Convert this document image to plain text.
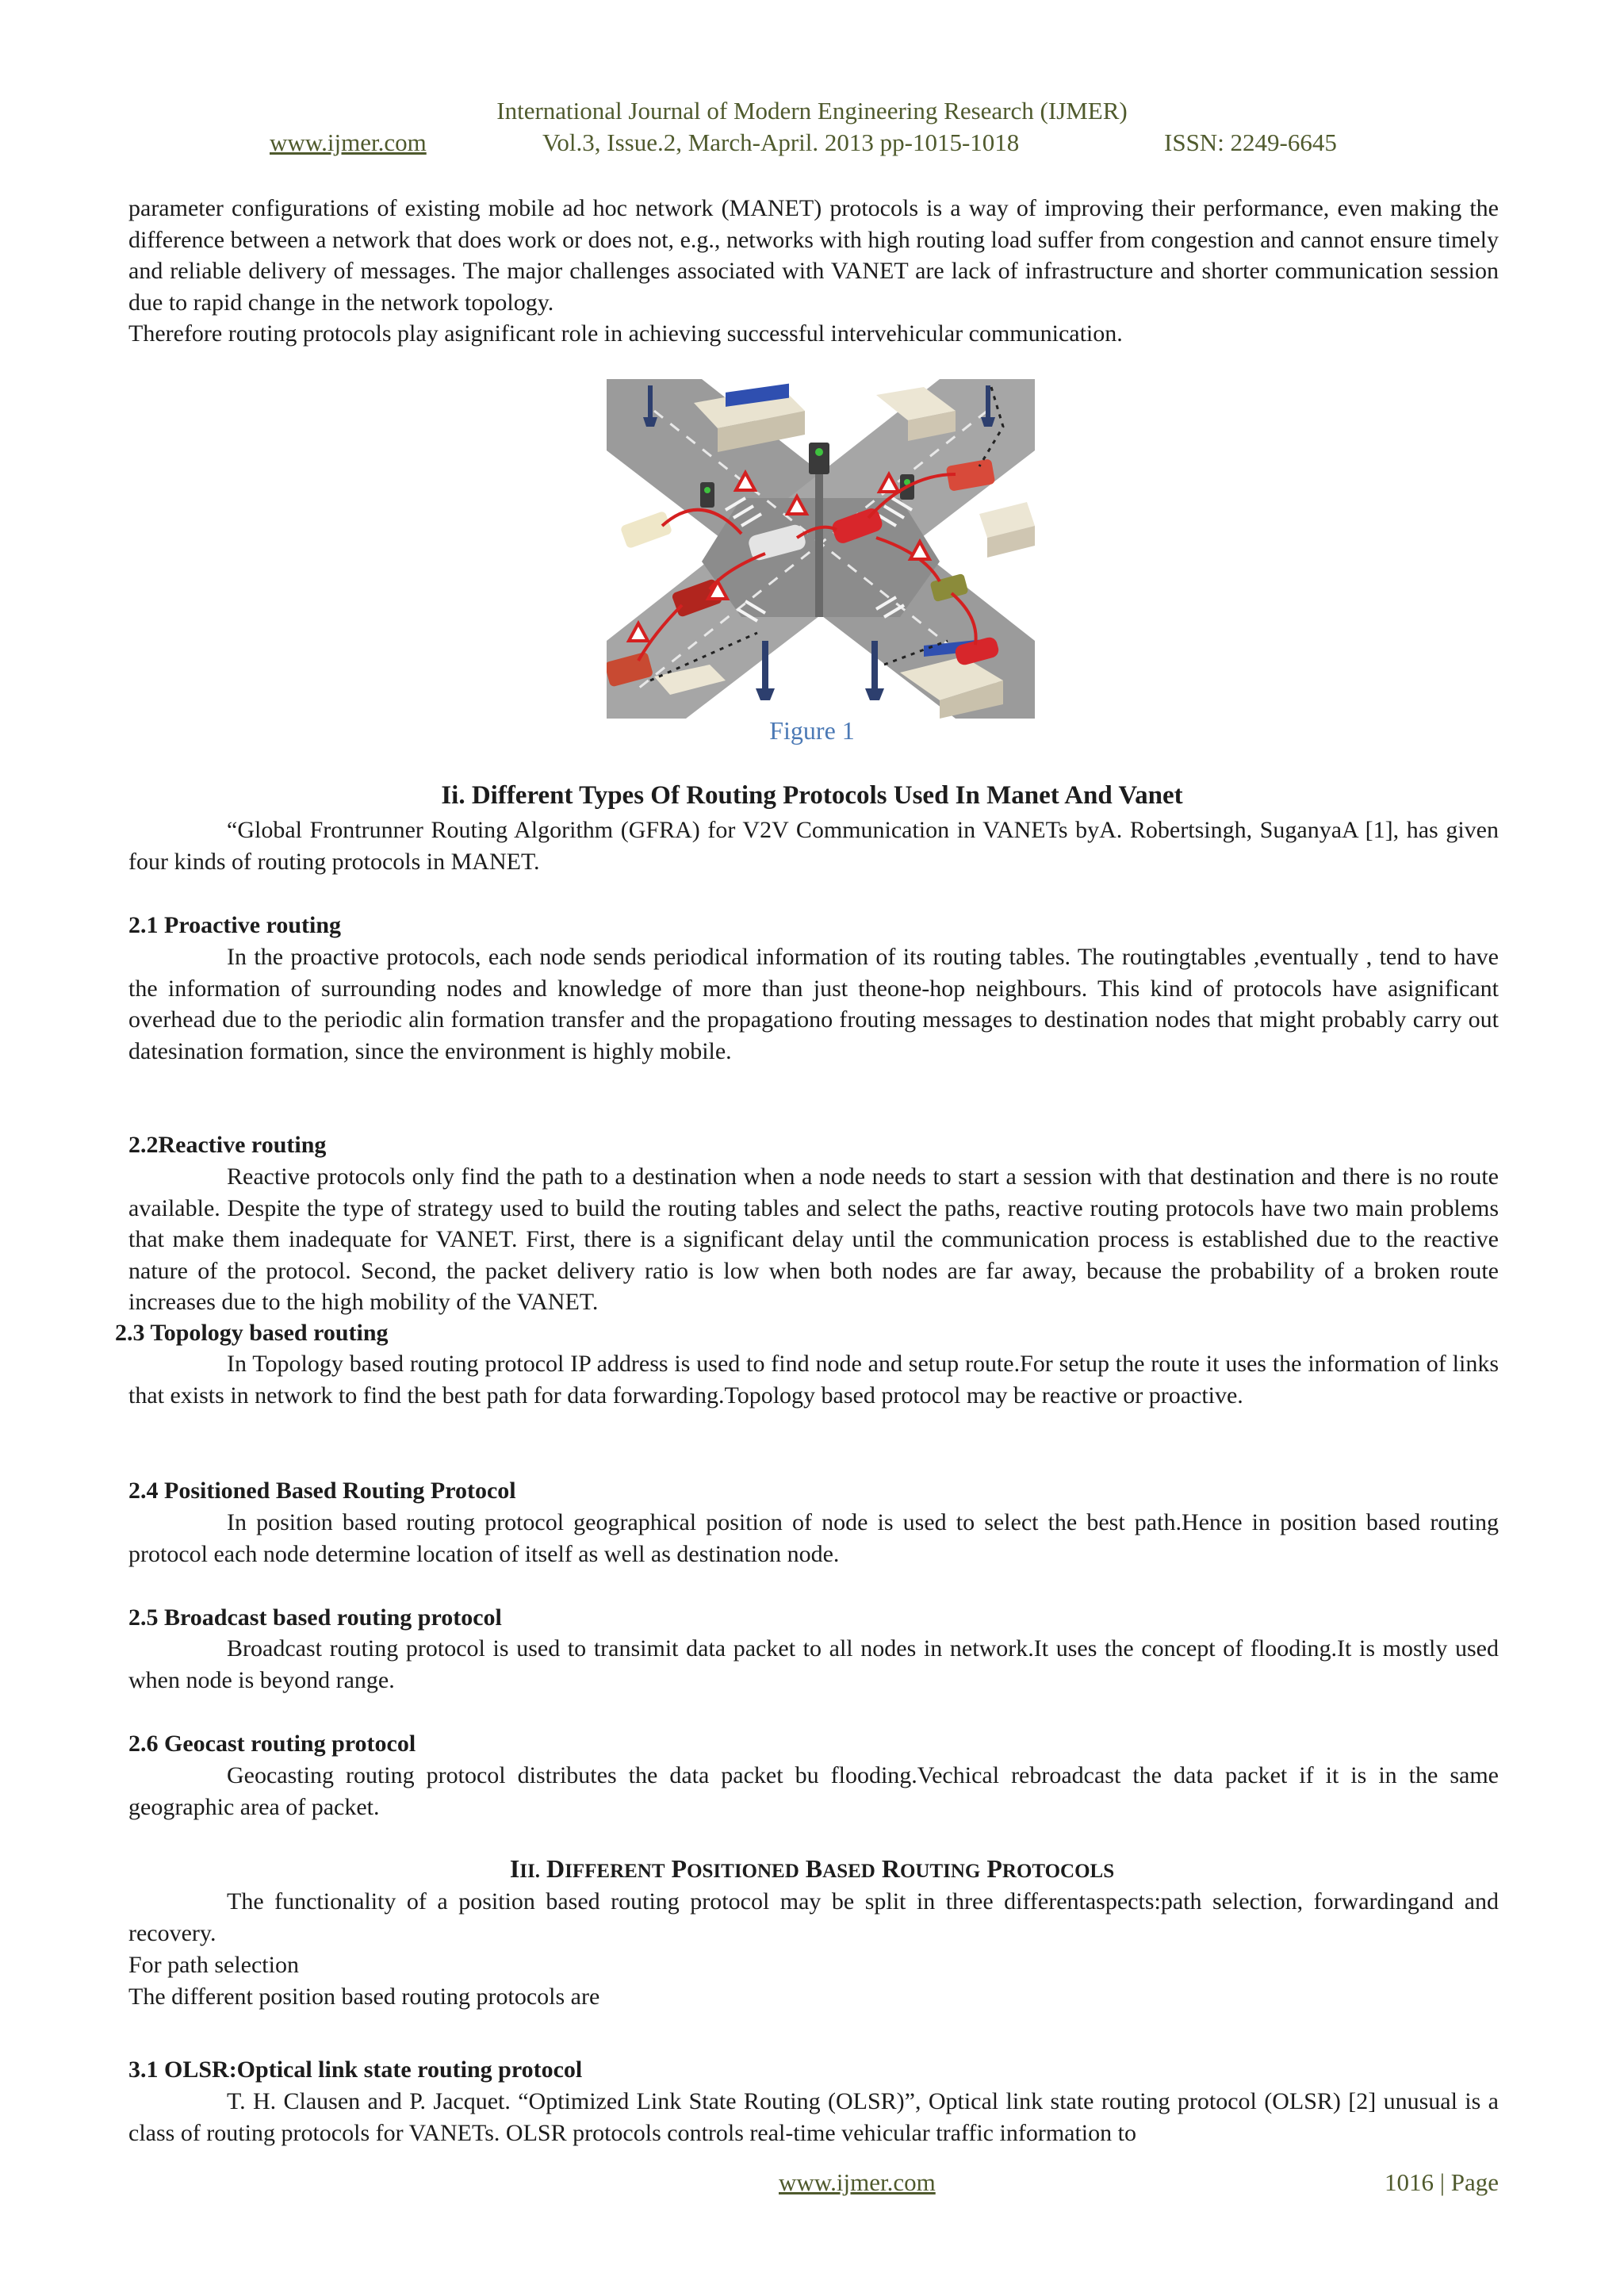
International Journal of Modern Engineering Research (IJMER)
www.ijmer.com	Vol.3, Issue.2, March-April. 2013 pp-1015-1018	ISSN: 2249-6645
parameter configurations of existing mobile ad hoc network (MANET) protocols is a way of improving their performance, even making the difference between a network that does work or does not, e.g., networks with high routing load suffer from congestion and cannot ensure timely and reliable delivery of messages. The major challenges associated with VANET are lack of infrastructure and shorter communication session due to rapid change in the network topology.
Therefore routing protocols play asignificant role in achieving successful intervehicular communication.
Figure 1
Ii. Different Types Of Routing Protocols Used In Manet And Vanet
“Global Frontrunner Routing Algorithm (GFRA) for V2V Communication in VANETs byA. Robertsingh, SuganyaA [1], has given four kinds of routing protocols in MANET.
2.1 Proactive routing
In the proactive protocols, each node sends periodical information of its routing tables. The routingtables ,eventually , tend to have the information of surrounding nodes and knowledge of more than just theone-hop neighbours. This kind of protocols have asignificant overhead due to the periodic alin formation transfer and the propagationo frouting messages to destination nodes that might probably carry out datesination formation, since the environment is highly mobile.
2.2Reactive routing
Reactive protocols only find the path to a destination when a node needs to start a session with that destination and there is no route available. Despite the type of strategy used to build the routing tables and select the paths, reactive routing protocols have two main problems that make them inadequate for VANET. First, there is a significant delay until the communication process is established due to the reactive nature of the protocol. Second, the packet delivery ratio is low when both nodes are far away, because the probability of a broken route increases due to the high mobility of the VANET.
2.3 Topology based routing
In Topology based routing protocol IP address is used to find node and setup route.For setup the route it uses the information of links that exists in network to find the best path for data forwarding.Topology based protocol may be reactive or proactive.
2.4 Positioned Based Routing Protocol
In position based routing protocol geographical position of node is used to select the best path.Hence in position based routing protocol each node determine location of itself as well as destination node.
2.5 Broadcast based routing protocol
Broadcast routing protocol is used to transimit data packet to all nodes in network.It uses the concept of flooding.It is mostly used when node is beyond range.
2.6 Geocast routing protocol
Geocasting routing protocol distributes the data packet bu flooding.Vechical rebroadcast the data packet if it is in the same geographic area of packet.
III. DIFFERENT POSITIONED BASED ROUTING PROTOCOLS
The functionality of a position based routing protocol may be split in three differentaspects:path selection, forwardingand and recovery.
For path selection
The different position based routing protocols are
3.1 OLSR:Optical link state routing protocol
T. H. Clausen and P. Jacquet. “Optimized Link State Routing (OLSR)”, Optical link state routing protocol (OLSR) [2] unusual is a class of routing protocols for VANETs. OLSR protocols controls real-time vehicular traffic information to
www.ijmer.com	1016 | Page
